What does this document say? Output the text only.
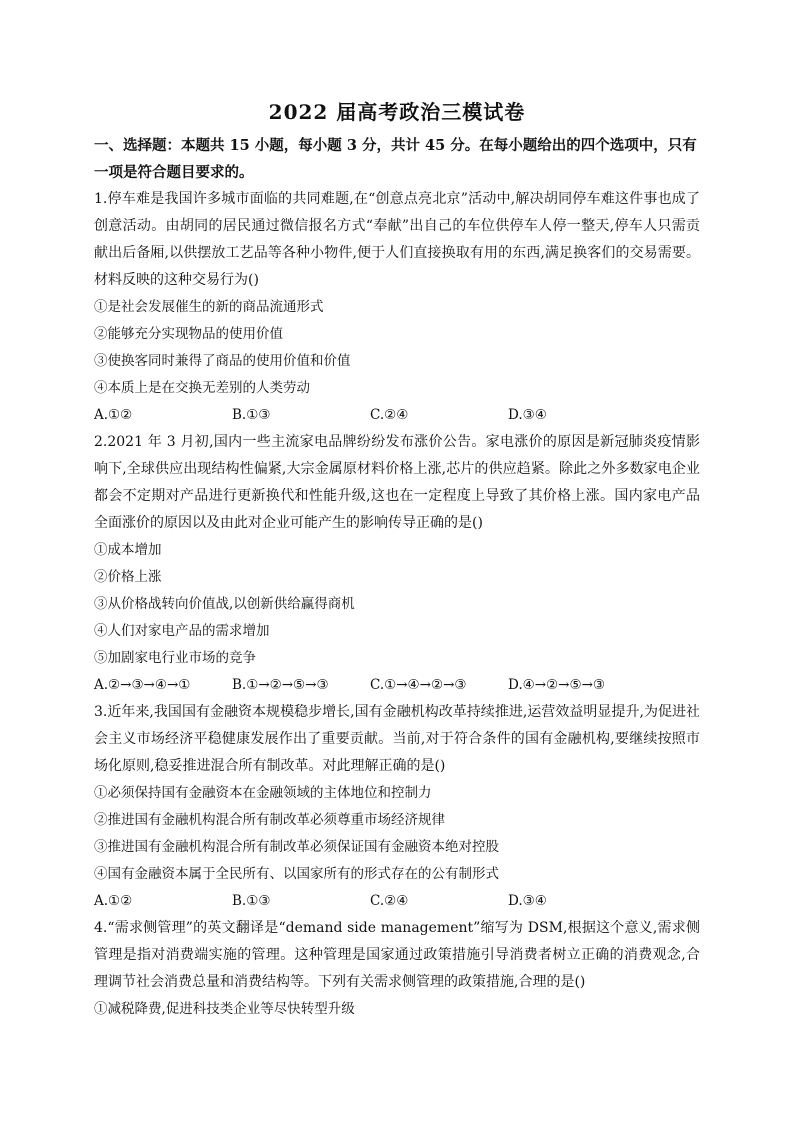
2022 届高考政治三模试卷

一、选择题：本题共 15 小题，每小题 3 分，共计 45 分。在每小题给出的四个选项中，只有一项是符合题目要求的。

1.停车难是我国许多城市面临的共同难题,在“创意点亮北京”活动中,解决胡同停车难这件事也成了创意活动。由胡同的居民通过微信报名方式“奉献”出自己的车位供停车人停一整天,停车人只需贡献出后备厢,以供摆放工艺品等各种小物件,便于人们直接换取有用的东西,满足换客们的交易需要。材料反映的这种交易行为()

①是社会发展催生的新的商品流通形式
②能够充分实现物品的使用价值
③使换客同时兼得了商品的使用价值和价值
④本质上是在交换无差别的人类劳动
A.①②	B.①③	C.②④	D.③④

2.2021 年 3 月初,国内一些主流家电品牌纷纷发布涨价公告。家电涨价的原因是新冠肺炎疫情影响下,全球供应出现结构性偏紧,大宗金属原材料价格上涨,芯片的供应趋紧。除此之外多数家电企业都会不定期对产品进行更新换代和性能升级,这也在一定程度上导致了其价格上涨。国内家电产品全面涨价的原因以及由此对企业可能产生的影响传导正确的是()

①成本增加
②价格上涨
③从价格战转向价值战,以创新供给赢得商机
④人们对家电产品的需求增加
⑤加剧家电行业市场的竞争
A.②→③→④→①	B.①→②→⑤→③	C.①→④→②→③	D.④→②→⑤→③

3.近年来,我国国有金融资本规模稳步增长,国有金融机构改革持续推进,运营效益明显提升,为促进社会主义市场经济平稳健康发展作出了重要贡献。当前,对于符合条件的国有金融机构,要继续按照市场化原则,稳妥推进混合所有制改革。对此理解正确的是()

①必须保持国有金融资本在金融领域的主体地位和控制力
②推进国有金融机构混合所有制改革必须尊重市场经济规律
③推进国有金融机构混合所有制改革必须保证国有金融资本绝对控股
④国有金融资本属于全民所有、以国家所有的形式存在的公有制形式
A.①②	B.①③	C.②④	D.③④

4.“需求侧管理”的英文翻译是“demand side management”缩写为 DSM,根据这个意义,需求侧管理是指对消费端实施的管理。这种管理是国家通过政策措施引导消费者树立正确的消费观念,合理调节社会消费总量和消费结构等。下列有关需求侧管理的政策措施,合理的是()

①减税降费,促进科技类企业等尽快转型升级
